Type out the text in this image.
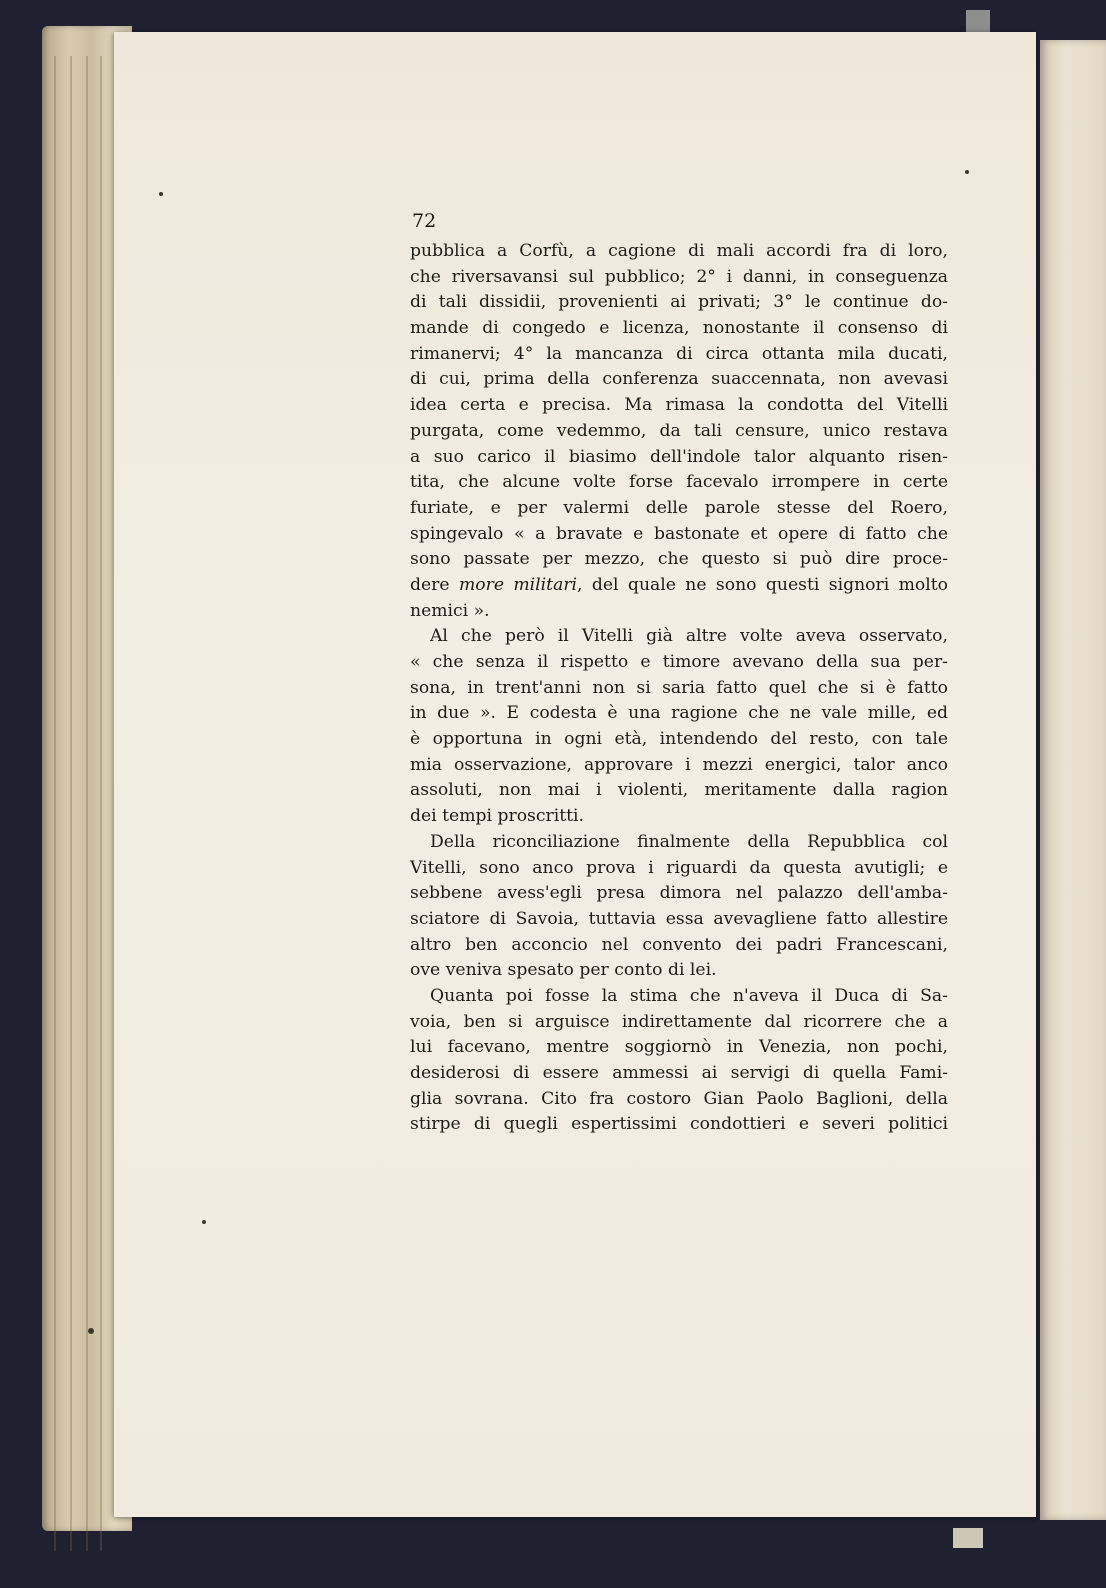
72
pubblica a Corfù, a cagione di mali accordi fra di loro,
che riversavansi sul pubblico; 2° i danni, in conseguenza
di tali dissidii, provenienti ai privati; 3° le continue do-
mande di congedo e licenza, nonostante il consenso di
rimanervi; 4° la mancanza di circa ottanta mila ducati,
di cui, prima della conferenza suaccennata, non avevasi
idea certa e precisa. Ma rimasa la condotta del Vitelli
purgata, come vedemmo, da tali censure, unico restava
a suo carico il biasimo dell'indole talor alquanto risen-
tita, che alcune volte forse facevalo irrompere in certe
furiate, e per valermi delle parole stesse del Roero,
spingevalo « a bravate e bastonate et opere di fatto che
sono passate per mezzo, che questo si può dire proce-
dere more militari, del quale ne sono questi signori molto
nemici ».
Al che però il Vitelli già altre volte aveva osservato,
« che senza il rispetto e timore avevano della sua per-
sona, in trent'anni non si saria fatto quel che si è fatto
in due ». E codesta è una ragione che ne vale mille, ed
è opportuna in ogni età, intendendo del resto, con tale
mia osservazione, approvare i mezzi energici, talor anco
assoluti, non mai i violenti, meritamente dalla ragion
dei tempi proscritti.
Della riconciliazione finalmente della Repubblica col
Vitelli, sono anco prova i riguardi da questa avutigli; e
sebbene avess'egli presa dimora nel palazzo dell'amba-
sciatore di Savoia, tuttavia essa avevagliene fatto allestire
altro ben acconcio nel convento dei padri Francescani,
ove veniva spesato per conto di lei.
Quanta poi fosse la stima che n'aveva il Duca di Sa-
voia, ben si arguisce indirettamente dal ricorrere che a
lui facevano, mentre soggiornò in Venezia, non pochi,
desiderosi di essere ammessi ai servigi di quella Fami-
glia sovrana. Cito fra costoro Gian Paolo Baglioni, della
stirpe di quegli espertissimi condottieri e severi politici
